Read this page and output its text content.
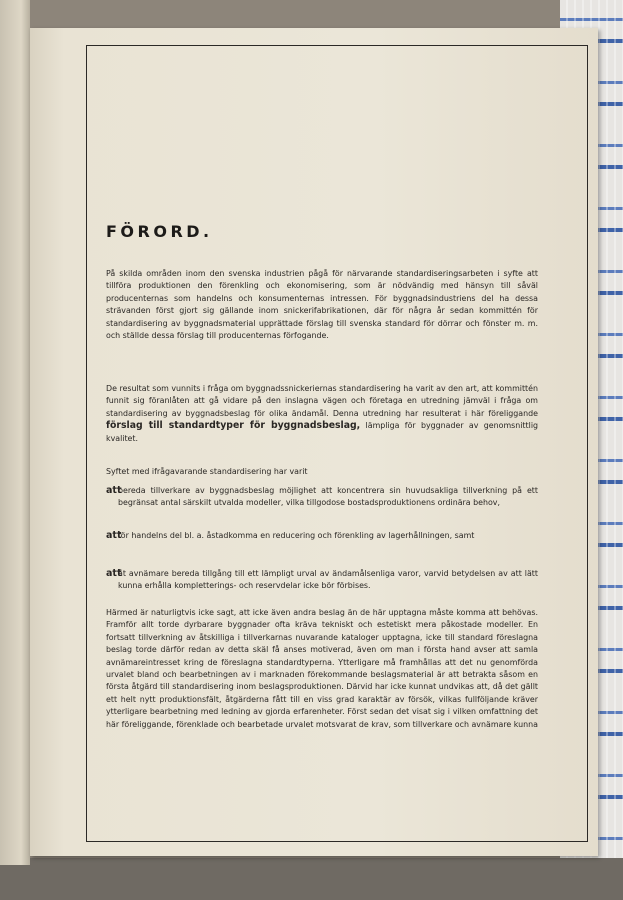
FÖRORD.

På skilda områden inom den svenska industrien pågå för närvarande standardiseringsarbeten i syfte att tillföra produktionen den förenkling och ekonomisering, som är nödvändig med hänsyn till såväl producenternas som handelns och konsumenternas intressen. För byggnadsindustriens del ha dessa strävanden först gjort sig gällande inom snickerifabrikationen, där för några år sedan kommittén för standardisering av byggnadsmaterial upprättade förslag till svenska standard för dörrar och fönster m. m. och ställde dessa förslag till producenternas förfogande.

De resultat som vunnits i fråga om byggnadssnickeriernas standardisering ha varit av den art, att kommittén funnit sig föranlåten att gå vidare på den inslagna vägen och företaga en utredning jämväl i fråga om standardisering av byggnadsbeslag för olika ändamål. Denna utredning har resulterat i här föreliggande förslag till standardtyper för byggnadsbeslag, lämpliga för byggnader av genomsnittlig kvalitet.

Syftet med ifrågavarande standardisering har varit

att

bereda tillverkare av byggnadsbeslag möjlighet att koncentrera sin huvudsakliga tillverkning på ett begränsat antal särskilt utvalda modeller, vilka tillgodose bostadsproduktionens ordinära behov,

att

för handelns del bl. a. åstadkomma en reducering och förenkling av lagerhållningen, samt

att

åt avnämare bereda tillgång till ett lämpligt urval av ändamålsenliga varor, varvid betydelsen av att lätt kunna erhålla kompletterings- och reservdelar icke bör förbises.

Härmed är naturligtvis icke sagt, att icke även andra beslag än de här upptagna måste komma att behövas. Framför allt torde dyrbarare byggnader ofta kräva tekniskt och estetiskt mera påkostade modeller. En fortsatt tillverkning av åtskilliga i tillverkarnas nuvarande kataloger upptagna, icke till standard föreslagna beslag torde därför redan av detta skäl få anses motiverad, även om man i första hand avser att samla avnämareintresset kring de föreslagna standardtyperna. Ytterligare må framhållas att det nu genomförda urvalet bland och bearbetningen av i marknaden förekommande beslagsmaterial är att betrakta såsom en första åtgärd till standardisering inom beslagsproduktionen. Därvid har icke kunnat undvikas att, då det gällt ett helt nytt produktionsfält, åtgärderna fått till en viss grad karaktär av försök, vilkas fullföljande kräver ytterligare bearbetning med ledning av gjorda erfarenheter. Först sedan det visat sig i vilken omfattning det här föreliggande, förenklade och bearbetade urvalet motsvarat de krav, som tillverkare och avnämare kunna
